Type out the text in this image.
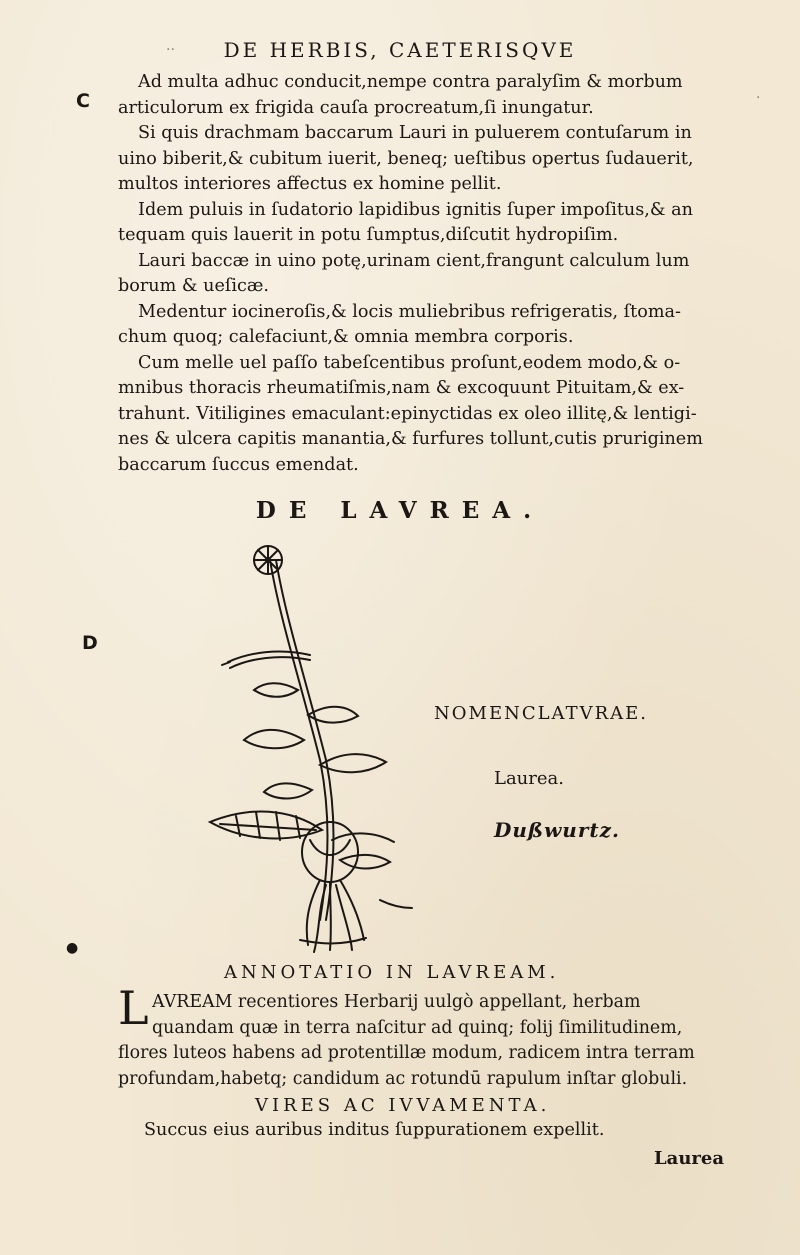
DE HERBIS, CAETERISQVE
C
D
Ad multa adhuc conducit,nempe contra paralyſim & morbum
articulorum ex frigida cauſa procreatum,ſi inungatur.
Si quis drachmam baccarum Lauri in puluerem contuſarum in
uino biberit,& cubitum iuerit, beneq; ueſtibus opertus ſudauerit,
multos interiores affectus ex homine pellit.
Idem puluis in ſudatorio lapidibus ignitis ſuper impoſitus,& an
tequam quis lauerit in potu ſumptus,diſcutit hydropiſim.
Lauri baccæ in uino potę,urinam cient,frangunt calculum lum
borum & ueſicæ.
Medentur iocineroſis,& locis muliebribus refrigeratis, ſtoma-
chum quoq; calefaciunt,& omnia membra corporis.
Cum melle uel paſſo tabeſcentibus proſunt,eodem modo,& o-
mnibus thoracis rheumatiſmis,nam & excoquunt Pituitam,& ex-
trahunt. Vitiligines emaculant:epinyctidas ex oleo illitę,& lentigi-
nes & ulcera capitis manantia,& furfures tollunt,cutis pruriginem
baccarum ſuccus emendat.
DE LAVREA.
NOMENCLATVRAE.
Laurea.
Dußwurtz.
ANNOTATIO IN LAVREAM.
L AVREAM recentiores Herbarij uulgò appellant, herbam
quandam quæ in terra naſcitur ad quinq; folij ſimilitudinem,
flores luteos habens ad protentillæ modum, radicem intra terram
profundam,habetq; candidum ac rotundū rapulum inſtar globuli.
VIRES AC IVVAMENTA.
Succus eius auribus inditus ſuppurationem expellit.
Laurea
··
·
●
